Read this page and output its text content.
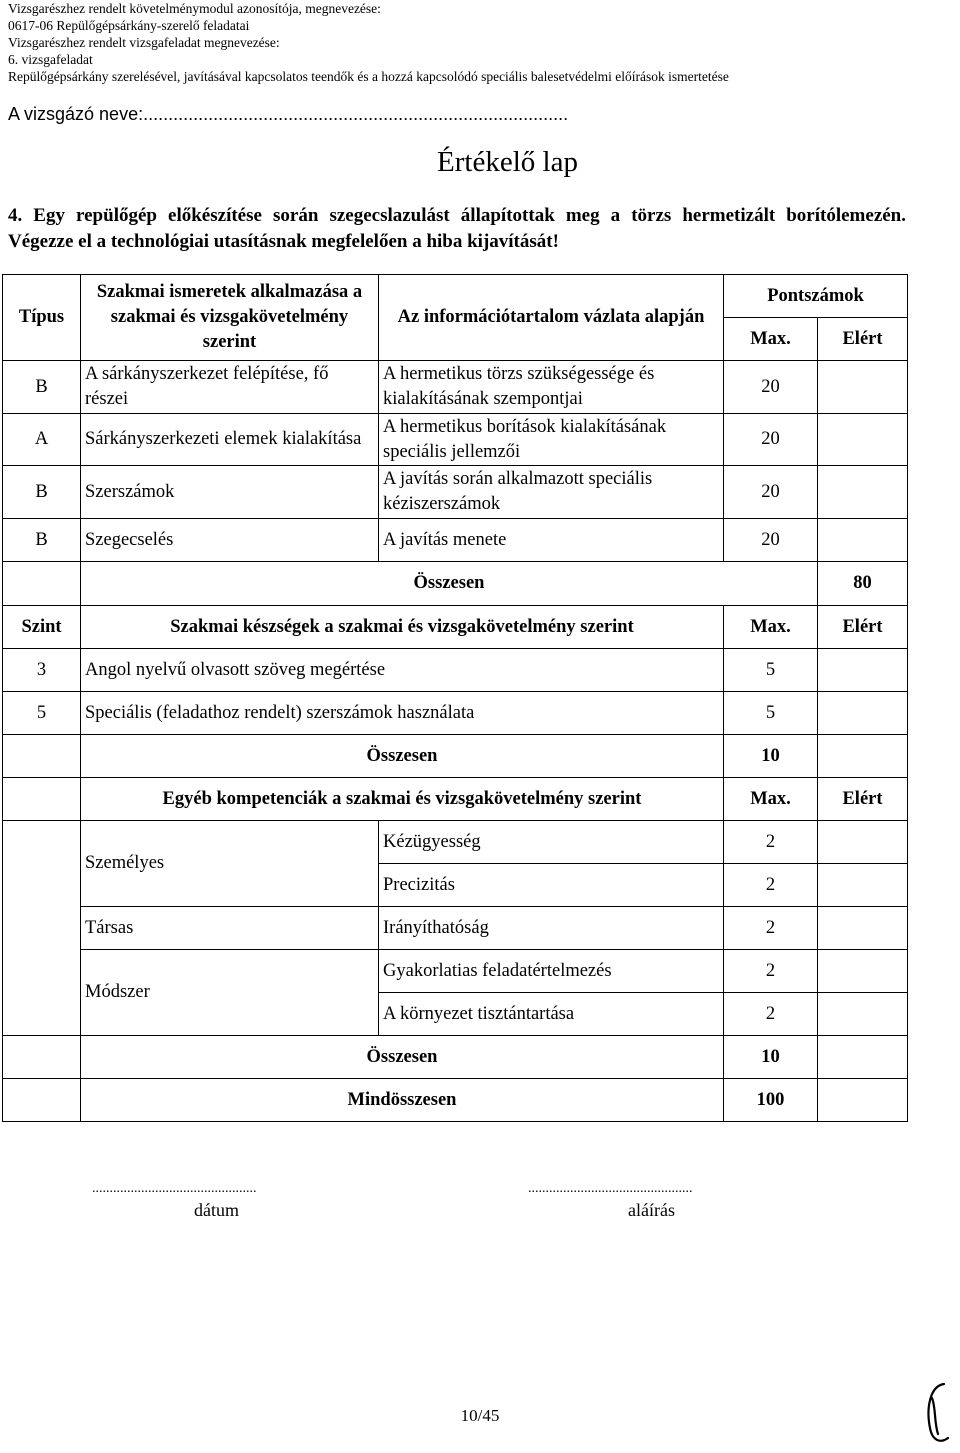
Vizsgarészhez rendelt követelménymodul azonosítója, megnevezése:
0617-06 Repülőgépsárkány-szerelő feladatai
Vizsgarészhez rendelt vizsgafeladat megnevezése:
6. vizsgafeladat
Repülőgépsárkány szerelésével, javításával kapcsolatos teendők és a hozzá kapcsolódó speciális balesetvédelmi előírások ismertetése
A vizsgázó neve:.....................................................................................
Értékelő lap
4. Egy repülőgép előkészítése során szegecslazulást állapítottak meg a törzs hermetizált borítólemezén. Végezze el a technológiai utasításnak megfelelően a hiba kijavítását!
Típus	Szakmai ismeretek alkalmazása a szakmai és vizsgakövetelmény szerint	Az információtartalom vázlata alapján	Pontszámok		
			Max.	Elért	
B	A sárkányszerkezet felépítése, fő részei	A hermetikus törzs szükségessége és kialakításának szempontjai	20		
A	Sárkányszerkezeti elemek kialakítása	A hermetikus borítások kialakításának speciális jellemzői	20		
B	Szerszámok	A javítás során alkalmazott speciális kéziszerszámok	20		
B	Szegecselés	A javítás menete	20		
	Összesen			80	
Szint	Szakmai készségek a szakmai és vizsgakövetelmény szerint		Max.	Elért	
3	Angol nyelvű olvasott szöveg megértése		5		
5	Speciális (feladathoz rendelt) szerszámok használata		5		
	Összesen		10		
	Egyéb kompetenciák a szakmai és vizsgakövetelmény szerint		Max.	Elért	
	Személyes	Kézügyesség	2		
		Precizitás	2		
	Társas	Irányíthatóság	2		
	Módszer	Gyakorlatias feladatértelmezés	2		
		A környezet tisztántartása	2		
	Összesen		10		
	Mindösszesen		100		
...............................................
dátum
...............................................
aláírás
10/45
